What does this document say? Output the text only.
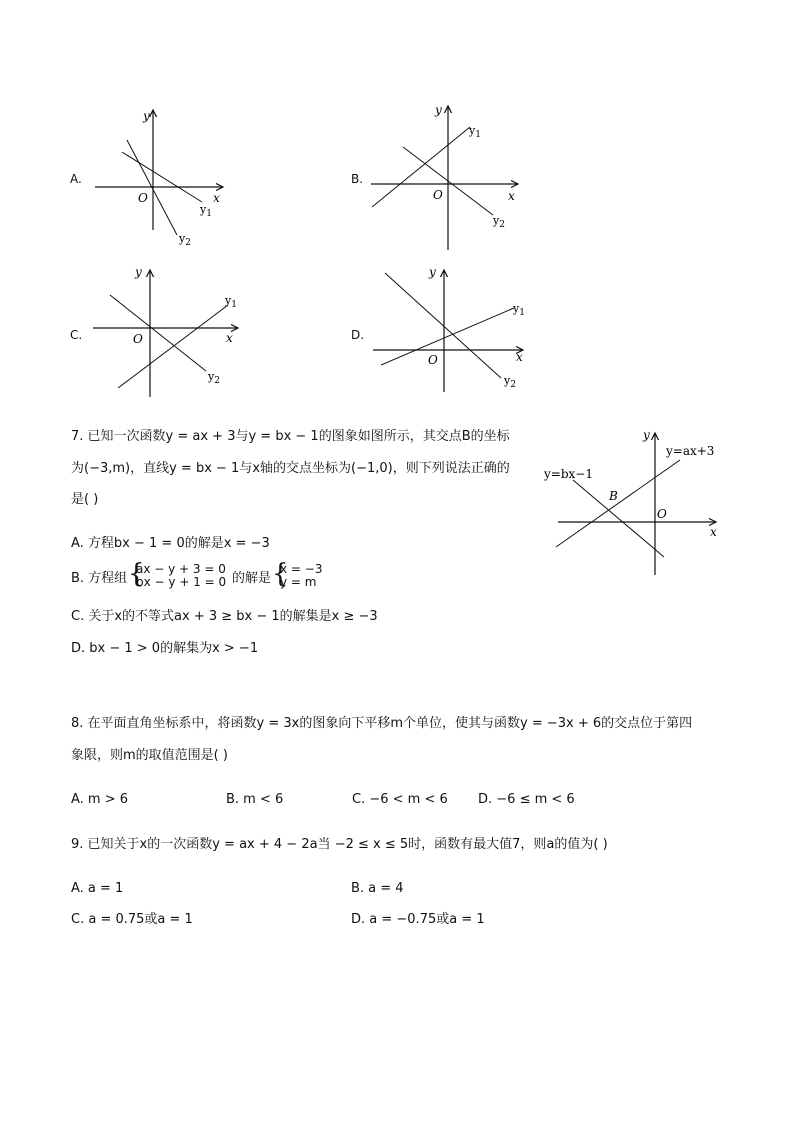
A.
y
x
O
$y_1$
$y_2$
B.
y
x
O
$y_1$
$y_2$
C.
y
x
O
$y_1$
$y_2$
D.
y
x
O
$y_1$
$y_2$
7. 已知一次函数y = ax + 3与y = bx − 1的图象如图所示，其交点B的坐标
为(−3,m)，直线y = bx − 1与x轴的交点坐标为(−1,0)，则下列说法正确的
是( )
y
x
O
B
y=ax+3
y=bx−1
A. 方程bx − 1 = 0的解是x = −3
B. 方程组 {
ax − y + 3 = 0
bx − y + 1 = 0 的解是 {
x = −3
y = m
C. 关于x的不等式ax + 3 ≥ bx − 1的解集是x ≥ −3
D. bx − 1 > 0的解集为x > −1
8. 在平面直角坐标系中，将函数y = 3x的图象向下平移m个单位，使其与函数y = −3x + 6的交点位于第四
象限，则m的取值范围是( )
A. m > 6	B. m < 6	C. −6 < m < 6 D. −6 ≤ m < 6
9. 已知关于x的一次函数y = ax + 4 − 2a当 −2 ≤ x ≤ 5时，函数有最大值7，则a的值为( )
A. a = 1	B. a = 4
C. a = 0.75或a = 1	D. a = −0.75或a = 1
